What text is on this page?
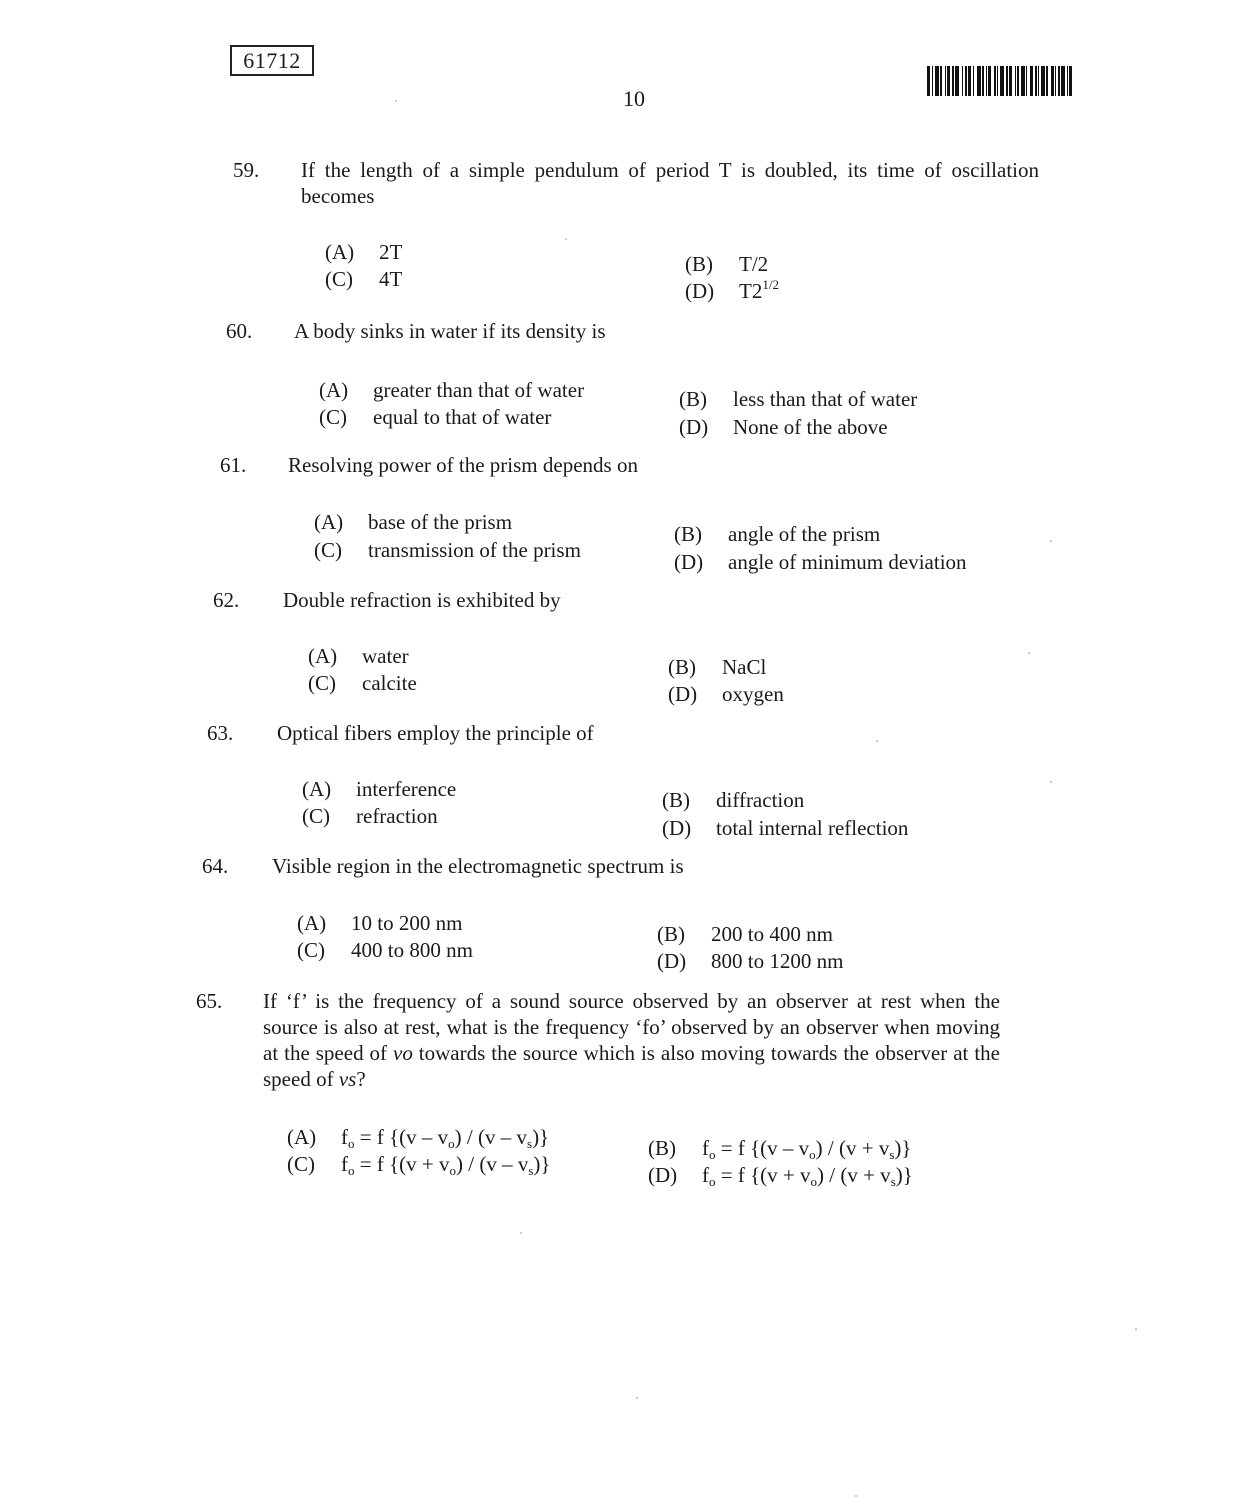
61712
10
59. If the length of a simple pendulum of period T is doubled, its time of oscillation becomes
(A) 2T
(C) 4T
(B) T/2
(D) $T2^{1/2}$
60. A body sinks in water if its density is
(A) greater than that of water
(C) equal to that of water
(B) less than that of water
(D) None of the above
61. Resolving power of the prism depends on
(A) base of the prism
(C) transmission of the prism
(B) angle of the prism
(D) angle of minimum deviation
62. Double refraction is exhibited by
(A) water
(C) calcite
(B) NaCl
(D) oxygen
63. Optical fibers employ the principle of
(A) interference
(C) refraction
(B) diffraction
(D) total internal reflection
64. Visible region in the electromagnetic spectrum is
(A) 10 to 200 nm
(C) 400 to 800 nm
(B) 200 to 400 nm
(D) 800 to 1200 nm
65. If ‘f’ is the frequency of a sound source observed by an observer at rest when the source is also at rest, what is the frequency ‘fo’ observed by an observer when moving at the speed of vo towards the source which is also moving towards the observer at the speed of vs?
(A) $f_o = f$ $\{(v - v_o) / (v - v_s)\}$
(C) $f_o = f$ $\{(v + v_o) / (v - v_s)\}$
(B) $f_o = f$ $\{(v - v_o) / (v + v_s)\}$
(D) $f_o = f$ $\{(v + v_o) / (v + v_s)\}$
